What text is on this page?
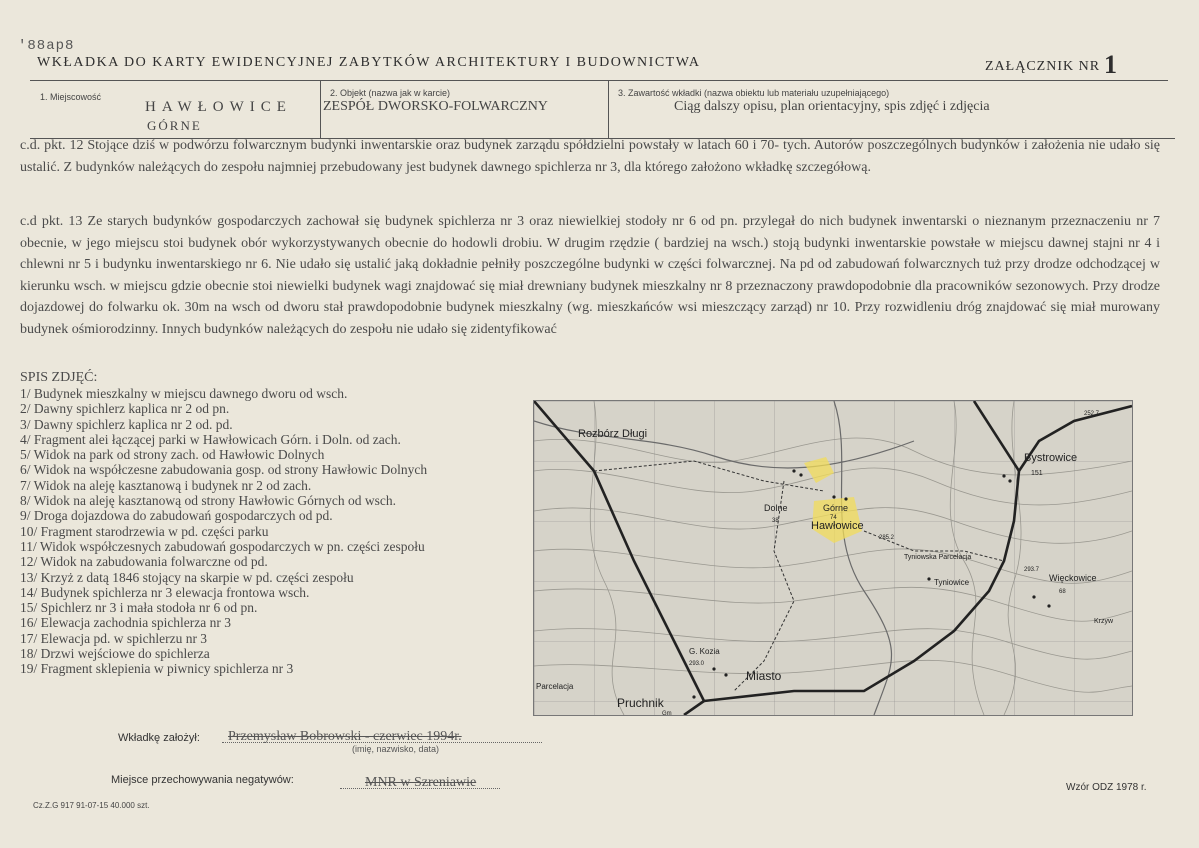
'88ap8
WKŁADKA DO KARTY EWIDENCYJNEJ ZABYTKÓW ARCHITEKTURY I BUDOWNICTWA	ZAŁĄCZNIK NR 1
1. Miejscowość
HAWŁOWICE
GÓRNE
2. Objekt (nazwa jak w karcie)
ZESPÓŁ DWORSKO-FOLWARCZNY
3. Zawartość wkładki (nazwa obiektu lub materiału uzupełniającego)
Ciąg dalszy opisu, plan orientacyjny, spis zdjęć i zdjęcia
c.d. pkt. 12 Stojące dziś w podwórzu folwarcznym budynki inwentarskie oraz budynek zarządu spółdzielni powstały w latach 60 i 70- tych. Autorów poszczególnych budynków i założenia nie udało się ustalić. Z budynków należących do zespołu najmniej przebudowany jest budynek dawnego spichlerza nr 3, dla którego założono wkładkę szczegółową.
c.d pkt. 13 Ze starych budynków gospodarczych zachował się budynek spichlerza nr 3 oraz niewielkiej stodoły nr 6 od pn. przylegał do nich budynek inwentarski o nieznanym przeznaczeniu nr 7 obecnie, w jego miejscu stoi budynek obór wykorzystywanych obecnie do hodowli drobiu. W drugim rzędzie ( bardziej na wsch.) stoją budynki inwentarskie powstałe w miejscu dawnej stajni nr 4 i chlewni nr 5 i budynku inwentarskiego nr 6. Nie udało się ustalić jaką dokładnie pełniły poszczególne budynki w części folwarcznej. Na pd od zabudowań folwarcznych tuż przy drodze odchodzącej w kierunku wsch. w miejscu gdzie obecnie stoi niewielki budynek wagi znajdować się miał drewniany budynek mieszkalny nr 8 przeznaczony prawdopodobnie dla pracowników sezonowych. Przy drodze dojazdowej do folwarku ok. 30m na wsch od dworu stał prawdopodobnie budynek mieszkalny (wg. mieszkańców wsi mieszczący zarząd) nr 10. Przy rozwidleniu dróg znajdować się miał murowany budynek ośmiorodzinny. Innych budynków należących do zespołu nie udało się zidentyfikować
SPIS ZDJĘĆ:
1/ Budynek mieszkalny w miejscu dawnego dworu od wsch.
2/ Dawny spichlerz kaplica nr 2 od pn.
3/ Dawny spichlerz kaplica nr 2 od. pd.
4/ Fragment alei łączącej parki w Hawłowicach Górn. i Doln. od zach.
5/ Widok na park od strony zach. od Hawłowic Dolnych
6/ Widok na współczesne zabudowania gosp. od strony Hawłowic Dolnych
7/ Widok na aleję kasztanową i budynek nr 2 od zach.
8/ Widok na aleję kasztanową od strony Hawłowic Górnych od wsch.
9/ Droga dojazdowa do zabudowań gospodarczych od pd.
10/ Fragment starodrzewia w pd. części parku
11/ Widok współczesnych zabudowań gospodarczych w pn. części zespołu
12/ Widok na zabudowania folwarczne od pd.
13/ Krzyż z datą 1846 stojący na skarpie w pd. części zespołu
14/ Budynek spichlerza nr 3 elewacja frontowa wsch.
15/ Spichlerz nr 3 i mała stodoła nr 6 od pn.
16/ Elewacja zachodnia spichlerza nr 3
17/ Elewacja pd. w spichlerzu nr 3
18/ Drzwi wejściowe do spichlerza
19/ Fragment sklepienia w piwnicy spichlerza nr 3
Rozbórz Długi
Bystrowice
151
Dolne
38
Górne
74
Hawłowice
285.2
Tyniowska Parcelacja
Tyniowice	Więckowice
68
293.7
252.7
Krzyw
G. Kozia
293.0
Miasto
Parcelacja
Pruchnik
Gm
Wkładkę założył: Przemysław Bobrowski - czerwiec 1994r.
(imię, nazwisko, data)
Miejsce przechowywania negatywów:	MNR w Szreniawie
Cz.Z.G 917 91-07-15 40.000 szt.
Wzór ODZ 1978 r.
